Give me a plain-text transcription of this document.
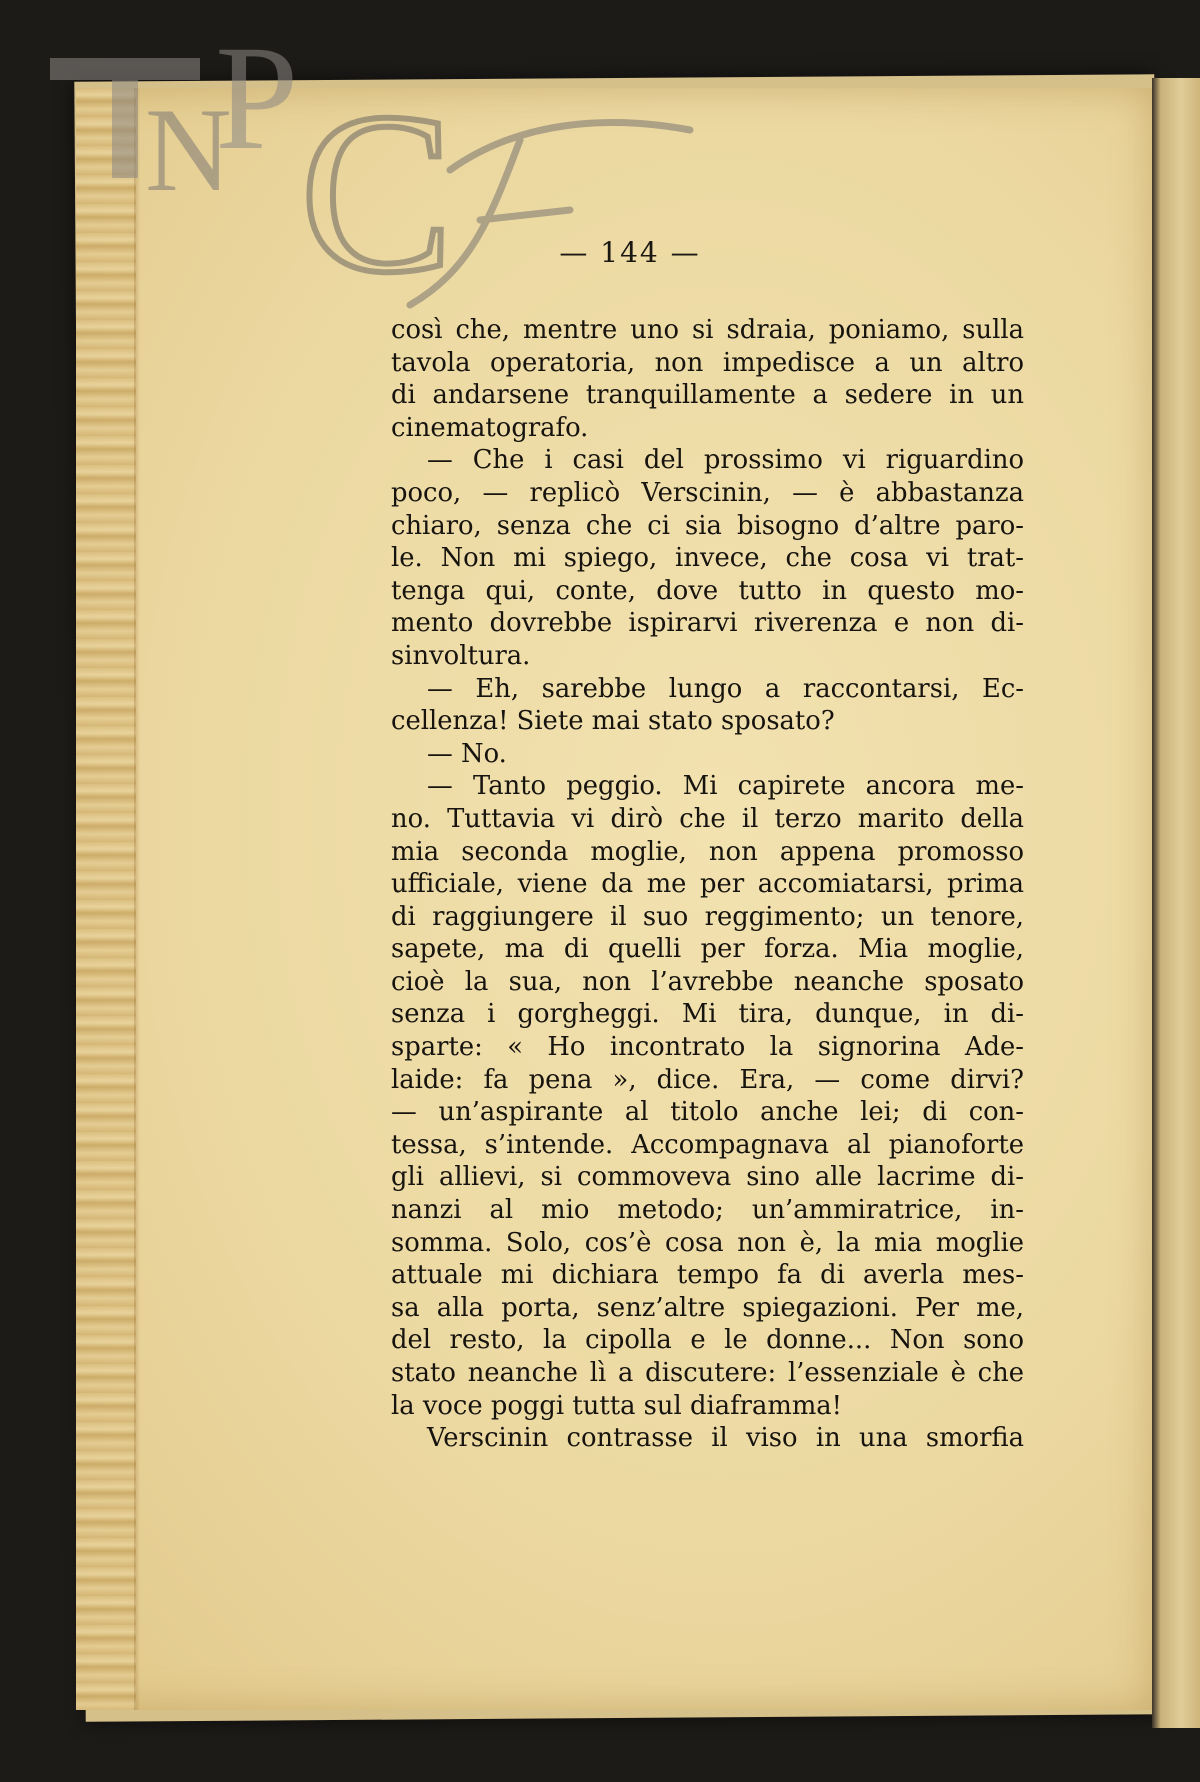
N
P C	— 144 —
così che, mentre uno si sdraia, poniamo, sulla
tavola operatoria, non impedisce a un altro
di andarsene tranquillamente a sedere in un
cinematografo.
— Che i casi del prossimo vi riguardino
poco, — replicò Verscinin, — è abbastanza
chiaro, senza che ci sia bisogno d’altre paro-
le. Non mi spiego, invece, che cosa vi trat-
tenga qui, conte, dove tutto in questo mo-
mento dovrebbe ispirarvi riverenza e non di-
sinvoltura.
— Eh, sarebbe lungo a raccontarsi, Ec-
cellenza! Siete mai stato sposato?
— No.
— Tanto peggio. Mi capirete ancora me-
no. Tuttavia vi dirò che il terzo marito della
mia seconda moglie, non appena promosso
ufficiale, viene da me per accomiatarsi, prima
di raggiungere il suo reggimento; un tenore,
sapete, ma di quelli per forza. Mia moglie,
cioè la sua, non l’avrebbe neanche sposato
senza i gorgheggi. Mi tira, dunque, in di-
sparte: « Ho incontrato la signorina Ade-
laide: fa pena », dice. Era, — come dirvi?
— un’aspirante al titolo anche lei; di con-
tessa, s’intende. Accompagnava al pianoforte
gli allievi, si commoveva sino alle lacrime di-
nanzi al mio metodo; un’ammiratrice, in-
somma. Solo, cos’è cosa non è, la mia moglie
attuale mi dichiara tempo fa di averla mes-
sa alla porta, senz’altre spiegazioni. Per me,
del resto, la cipolla e le donne... Non sono
stato neanche lì a discutere: l’essenziale è che
la voce poggi tutta sul diaframma!
Verscinin contrasse il viso in una smorfia
